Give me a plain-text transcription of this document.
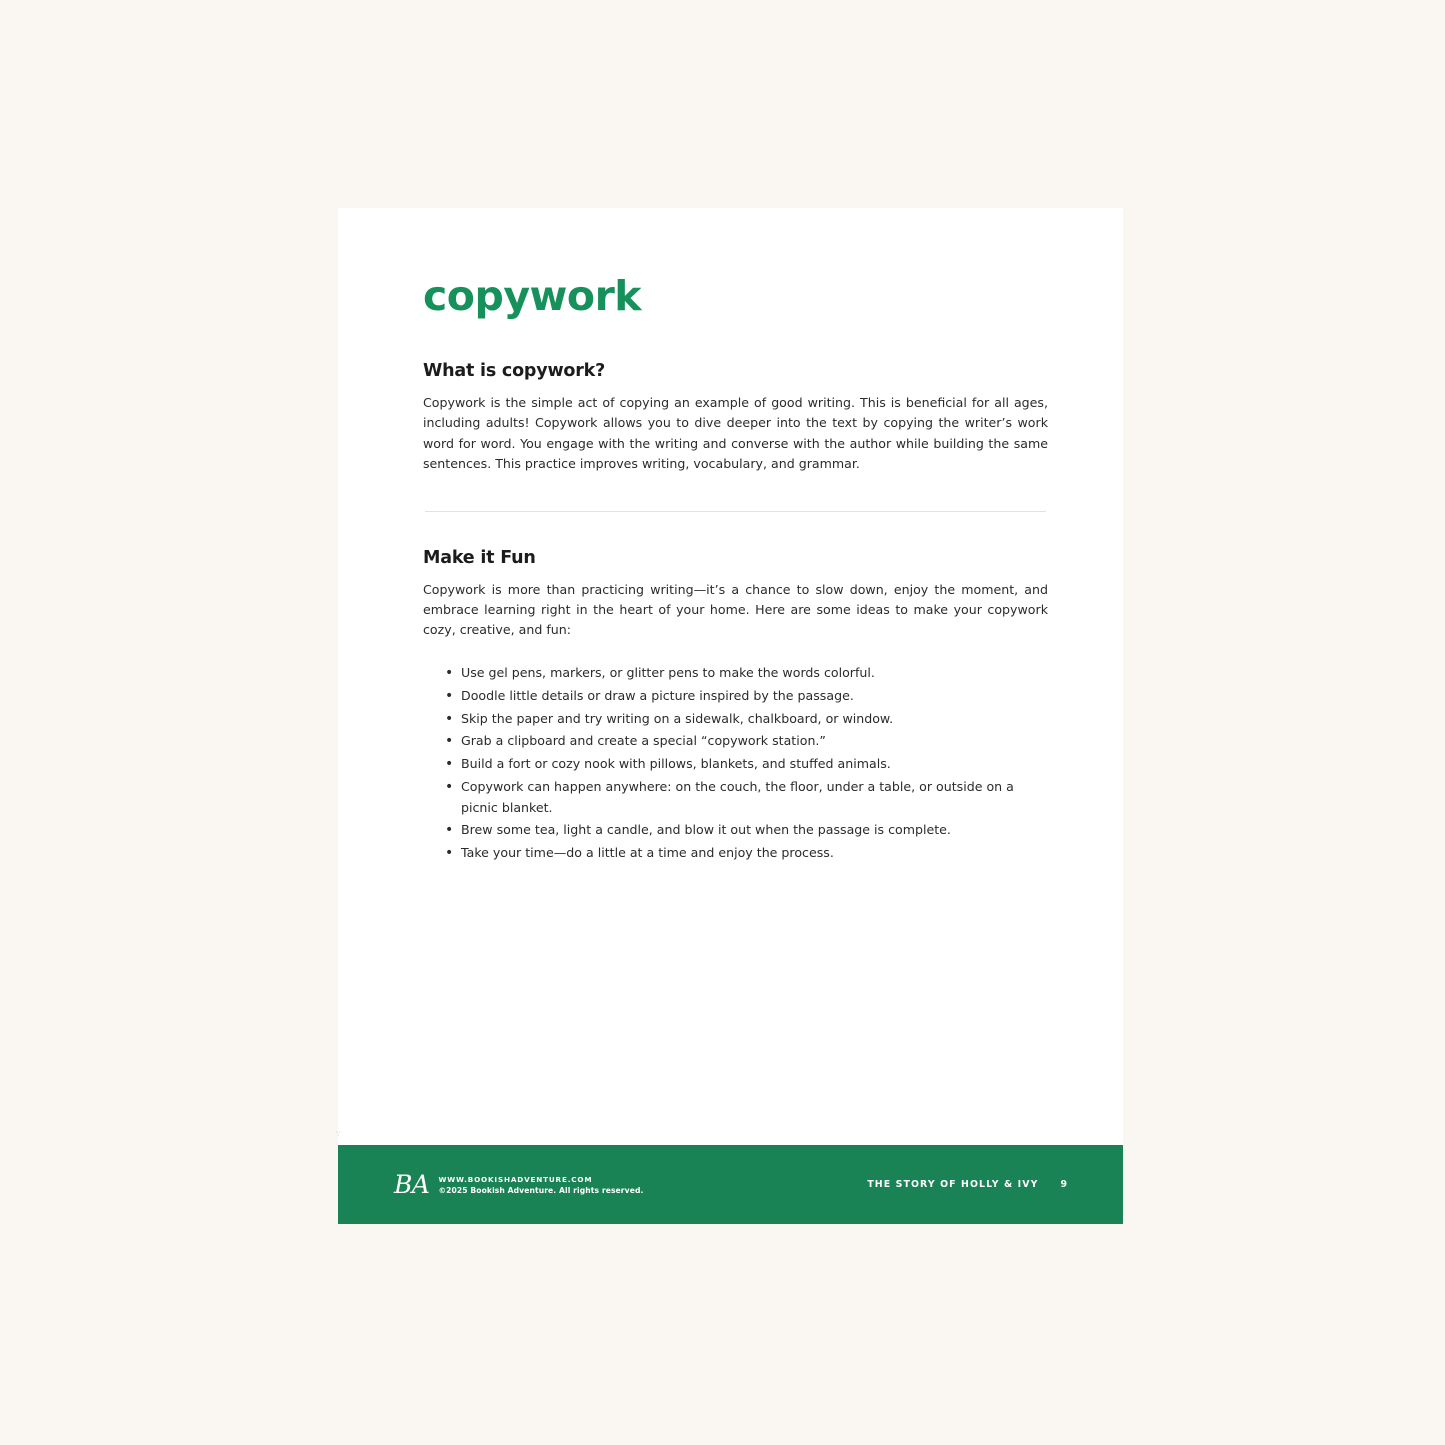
copywork
What is copywork?

Copywork is the simple act of copying an example of good writing. This is beneficial for all ages, including adults! Copywork allows you to dive deeper into the text by copying the writer’s work word for word. You engage with the writing and converse with the author while building the same sentences. This practice improves writing, vocabulary, and grammar.

Make it Fun

Copywork is more than practicing writing—it’s a chance to slow down, enjoy the moment, and embrace learning right in the heart of your home. Here are some ideas to make your copywork cozy, creative, and fun:

• Use gel pens, markers, or glitter pens to make the words colorful.
• Doodle little details or draw a picture inspired by the passage.
• Skip the paper and try writing on a sidewalk, chalkboard, or window.
• Grab a clipboard and create a special “copywork station.”
• Build a fort or cozy nook with pillows, blankets, and stuffed animals.
• Copywork can happen anywhere: on the couch, the floor, under a table, or outside on a picnic blanket.
• Brew some tea, light a candle, and blow it out when the passage is complete.
• Take your time—do a little at a time and enjoy the process.
∵
BA WWW.BOOKISHADVENTURE.COM
©2025 Bookish Adventure. All rights reserved.	THE STORY OF HOLLY & IVY 9
